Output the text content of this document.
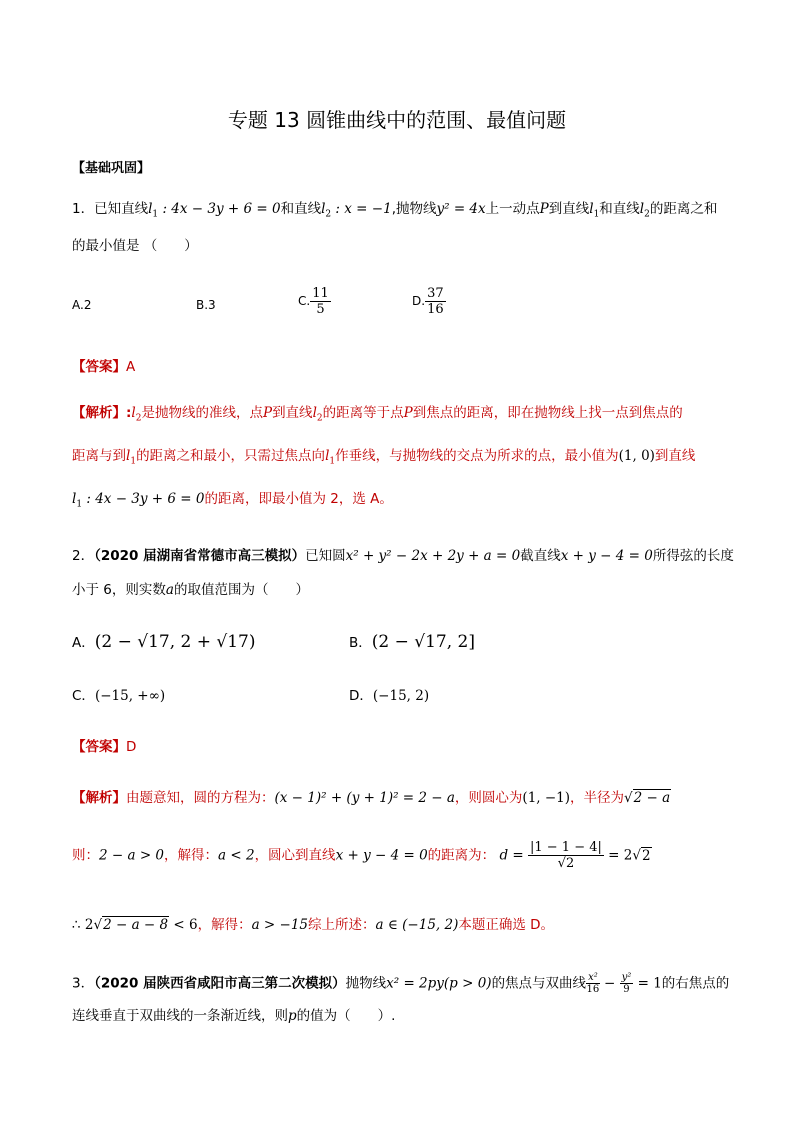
专题 13 圆锥曲线中的范围、最值问题
【基础巩固】
1．已知直线$l_1$ : 4x − 3y + 6 = 0和直线$l_2$ : x = −1,抛物线y² = 4x上一动点P到直线$l_1$和直线$l_2$的距离之和
的最小值是 （　　）
A.2	B.3	C. $\frac{11}{5}$	D. $\frac{37}{16}$
【答案】A
【解析】$:l_2$是抛物线的准线，点P到直线$l_2$的距离等于点P到焦点的距离，即在抛物线上找一点到焦点的
距离与到$l_1$的距离之和最小，只需过焦点向$l_1$作垂线，与抛物线的交点为所求的点，最小值为(1, 0)到直线
$l_1$ : 4x − 3y + 6 = 0的距离，即最小值为 2，选 A。
2．（2020 届湖南省常德市高三模拟）已知圆x² + y² − 2x + 2y + a = 0截直线x + y − 4 = 0所得弦的长度
小于 6，则实数a的取值范围为（　　）
A．(2 − √17, 2 + √17)	B．(2 − √17, 2]
C．(−15, +∞)	D．(−15, 2)
【答案】D
【解析】由题意知，圆的方程为：(x − 1)² + (y + 1)² = 2 − a，则圆心为(1, −1)，半径为√2 − a
则：2 − a > 0，解得：a < 2，圆心到直线x + y − 4 = 0的距离为： $d = \frac{|1 - 1 - 4|}{√2} = 2√2$
∴ 2√2 − a − 8 < 6，解得：a > −15综上所述：a ∈ (−15, 2)本题正确选 D。
3．（2020 届陕西省咸阳市高三第二次模拟）抛物线x² = 2py(p > 0)的焦点与双曲线 $\frac{\text{x²}}{16} - \frac{\text{y²}}{9} = 1$的右焦点的
连线垂直于双曲线的一条渐近线，则p的值为（　　）.
